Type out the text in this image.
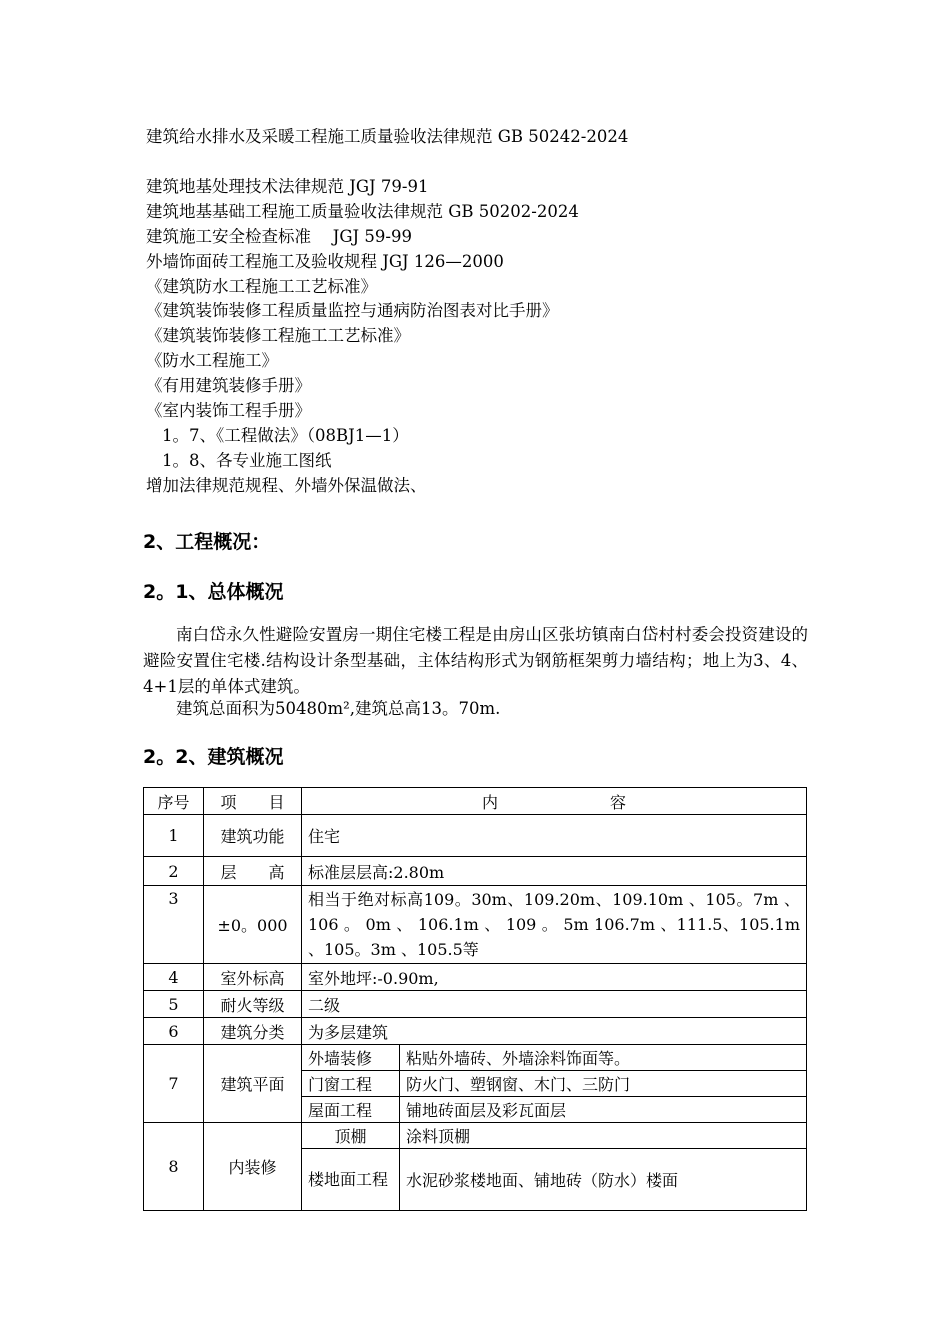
建筑给水排水及采暖工程施工质量验收法律规范 GB 50242-2024
建筑地基处理技术法律规范 JGJ 79-91
建筑地基基础工程施工质量验收法律规范 GB 50202-2024
建筑施工安全检查标准　 JGJ 59-99
外墙饰面砖工程施工及验收规程 JGJ 126—2000
《建筑防水工程施工工艺标准》
《建筑装饰装修工程质量监控与通病防治图表对比手册》
《建筑装饰装修工程施工工艺标准》
《防水工程施工》
《有用建筑装修手册》
《室内装饰工程手册》
1。7、《工程做法》（08BJ1—1）
1。8、各专业施工图纸
增加法律规范规程、外墙外保温做法、
2、工程概况：
2。1、总体概况
南白岱永久性避险安置房一期住宅楼工程是由房山区张坊镇南白岱村村委会投资建设的避险安置住宅楼.结构设计条型基础，主体结构形式为钢筋框架剪力墙结构；地上为3、4、4+1层的单体式建筑。
建筑总面积为50480m²,建筑总高13。70m.
2。2、建筑概况
序号	项　　目	内　　　　　　　容	
1	建筑功能	住宅	
2	层　　高	标准层层高:2.80m	
3	±0。000	相当于绝对标高109。30m、109.20m、109.10m 、105。7m 、 106 。 0m 、 106.1m 、 109 。 5m 106.7m 、111.5、105.1m 、105。3m 、105.5等	
4	室外标高	室外地坪:-0.90m,	
5	耐火等级	二级	
6	建筑分类	为多层建筑	
7	建筑平面	外墙装修	粘贴外墙砖、外墙涂料饰面等。
		门窗工程	防火门、塑钢窗、木门、三防门
		屋面工程	铺地砖面层及彩瓦面层
8	内装修	顶棚	涂料顶棚
		楼地面工程	水泥砂浆楼地面、铺地砖（防水）楼面
